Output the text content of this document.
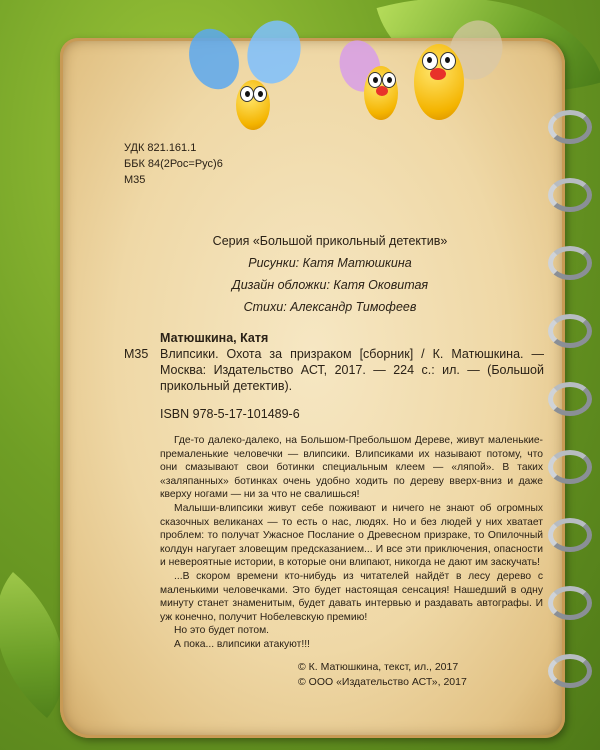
УДК 821.161.1
ББК 84(2Рос=Рус)6
М35
Серия «Большой прикольный детектив»
Рисунки: Катя Матюшкина
Дизайн обложки: Катя Оковитая
Стихи: Александр Тимофеев
Матюшкина, Катя
М35 Влипсики. Охота за призраком [сборник] / К. Матюшкина. — Москва: Издательство АСТ, 2017. — 224 с.: ил. — (Большой прикольный детектив).
ISBN 978-5-17-101489-6

Где-то далеко-далеко, на Большом-Пребольшом Дереве, живут маленькие-премаленькие человечки — влипсики. Влипсиками их называют потому, что они смазывают свои ботинки специальным клеем — «ляпой». В таких «заляпанных» ботинках очень удобно ходить по дереву вверх-вниз и даже кверху ногами — ни за что не свалишься!

Малыши-влипсики живут себе поживают и ничего не знают об огромных сказочных великанах — то есть о нас, людях. Но и без людей у них хватает проблем: то получат Ужасное Послание о Древесном призраке, то Опилочный колдун нагугает зловещим предсказанием... И все эти приключения, опасности и невероятные истории, в которые они влипают, никогда не дают им заскучать!

...В скором времени кто-нибудь из читателей найдёт в лесу дерево с маленькими человечками. Это будет настоящая сенсация! Нашедший в одну минуту станет знаменитым, будет давать интервью и раздавать автографы. И уж конечно, получит Нобелевскую премию!

Но это будет потом.

А пока... влипсики атакуют!!!

© К. Матюшкина, текст, ил., 2017
© ООО «Издательство АСТ», 2017
